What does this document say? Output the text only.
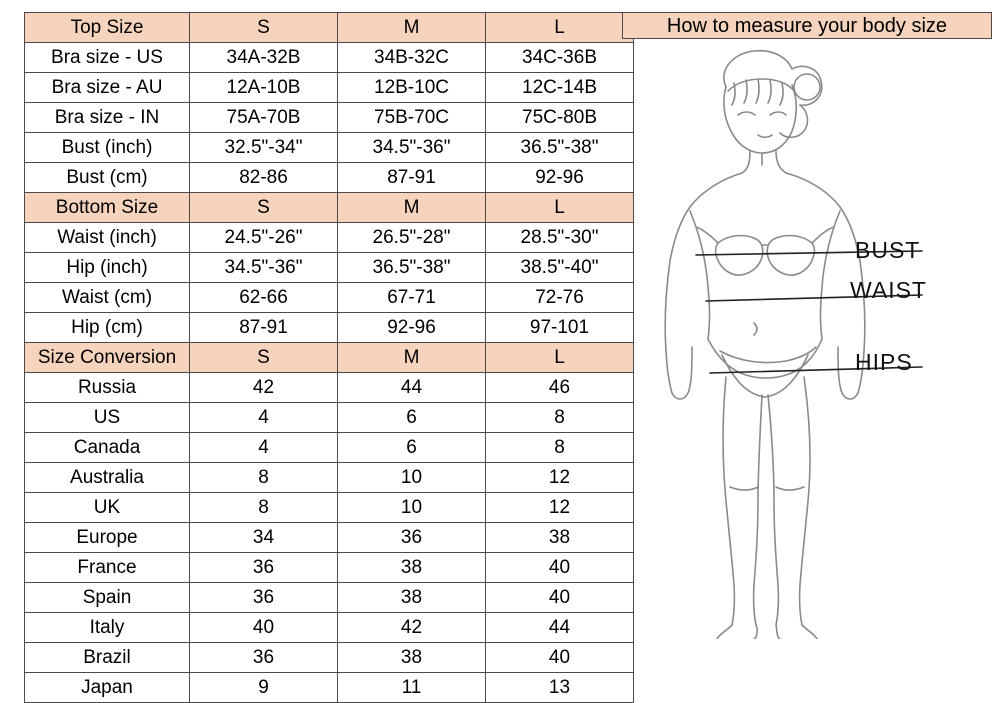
Top Size	S	M	L
Bra size - US	34A-32B	34B-32C	34C-36B
Bra size - AU	12A-10B	12B-10C	12C-14B
Bra size - IN	75A-70B	75B-70C	75C-80B
Bust (inch)	32.5"-34"	34.5"-36"	36.5"-38"
Bust (cm)	82-86	87-91	92-96
Bottom Size	S	M	L
Waist (inch)	24.5"-26"	26.5"-28"	28.5"-30"
Hip (inch)	34.5"-36"	36.5"-38"	38.5"-40"
Waist (cm)	62-66	67-71	72-76
Hip (cm)	87-91	92-96	97-101
Size Conversion	S	M	L
Russia	42	44	46
US	4	6	8
Canada	4	6	8
Australia	8	10	12
UK	8	10	12
Europe	34	36	38
France	36	38	40
Spain	36	38	40
Italy	40	42	44
Brazil	36	38	40
Japan	9	11	13
How to measure your body size
BUST
WAIST
HIPS
